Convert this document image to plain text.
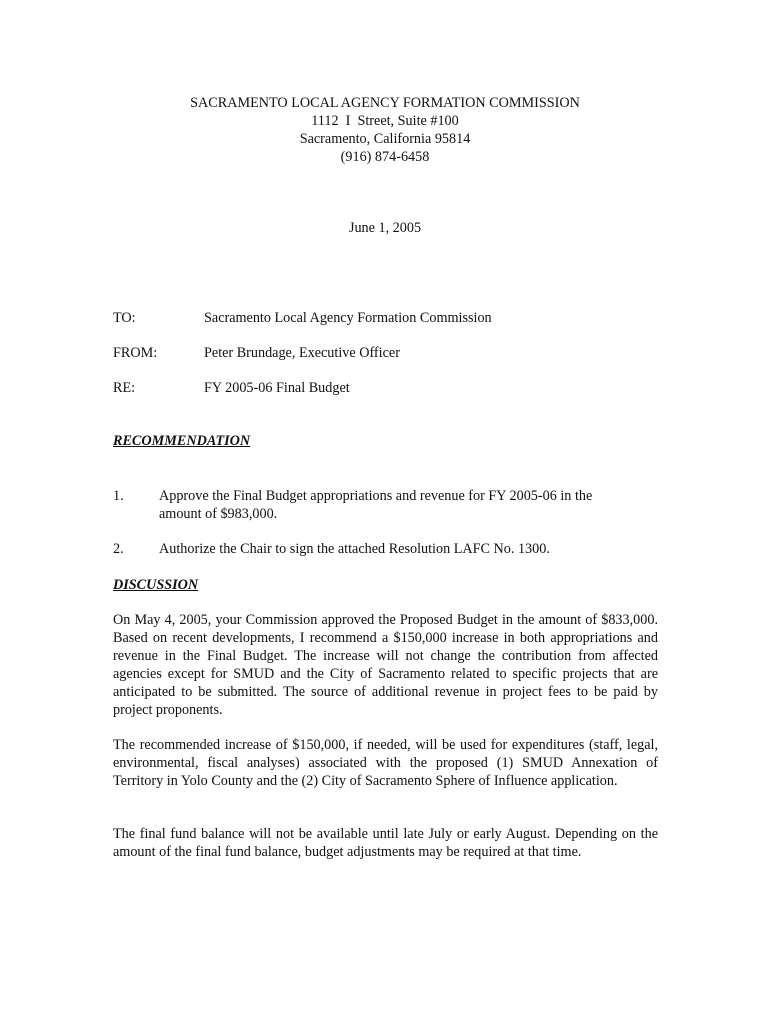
SACRAMENTO LOCAL AGENCY FORMATION COMMISSION
1112  I  Street, Suite #100
Sacramento, California 95814
(916) 874-6458
June 1, 2005
TO:	Sacramento Local Agency Formation Commission
FROM:	Peter Brundage, Executive Officer
RE:	FY 2005-06 Final Budget
RECOMMENDATION
1. Approve the Final Budget appropriations and revenue for FY 2005-06 in the amount of $983,000.
2. Authorize the Chair to sign the attached Resolution LAFC No. 1300.
DISCUSSION
On May 4, 2005, your Commission approved the Proposed Budget in the amount of $833,000. Based on recent developments, I recommend a $150,000 increase in both appropriations and revenue in the Final Budget. The increase will not change the contribution from affected agencies except for SMUD and the City of Sacramento related to specific projects that are anticipated to be submitted. The source of additional revenue in project fees to be paid by project proponents.
The recommended increase of $150,000, if needed, will be used for expenditures (staff, legal, environmental, fiscal analyses) associated with the proposed (1) SMUD Annexation of Territory in Yolo County and the (2) City of Sacramento Sphere of Influence application.
The final fund balance will not be available until late July or early August. Depending on the amount of the final fund balance, budget adjustments may be required at that time.
